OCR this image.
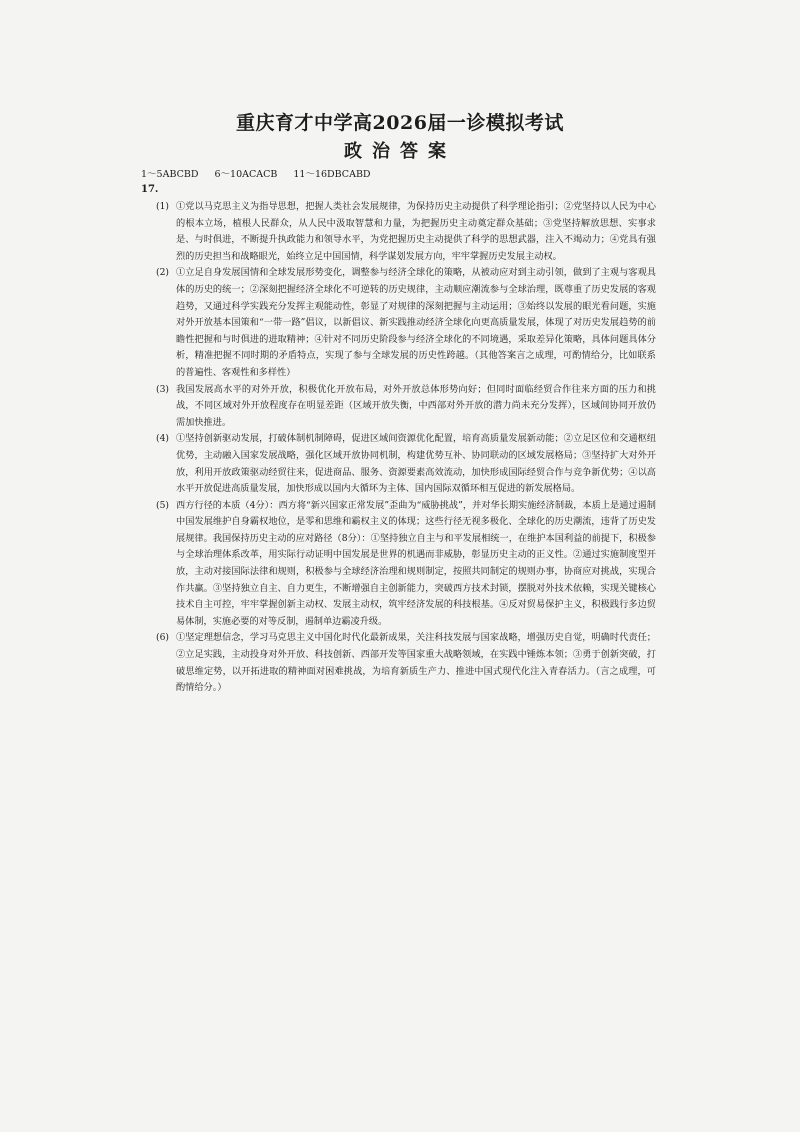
重庆育才中学高2026届一诊模拟考试
政治答案
1～5ABCBD 6～10ACACB 11～16DBCABD
17.
(1) ①党以马克思主义为指导思想，把握人类社会发展规律，为保持历史主动提供了科学理论指引；②党坚持以人民为中心的根本立场，植根人民群众，从人民中汲取智慧和力量，为把握历史主动奠定群众基础；③党坚持解放思想、实事求是、与时俱进，不断提升执政能力和领导水平，为党把握历史主动提供了科学的思想武器，注入不竭动力；④党具有强烈的历史担当和战略眼光，始终立足中国国情，科学谋划发展方向，牢牢掌握历史发展主动权。
(2) ①立足自身发展国情和全球发展形势变化，调整参与经济全球化的策略，从被动应对到主动引领，做到了主观与客观具体的历史的统一；②深刻把握经济全球化不可逆转的历史规律，主动顺应潮流参与全球治理，既尊重了历史发展的客观趋势，又通过科学实践充分发挥主观能动性，彰显了对规律的深刻把握与主动运用；③始终以发展的眼光看问题，实施对外开放基本国策和“一带一路”倡议，以新倡议、新实践推动经济全球化向更高质量发展，体现了对历史发展趋势的前瞻性把握和与时俱进的进取精神；④针对不同历史阶段参与经济全球化的不同境遇，采取差异化策略，具体问题具体分析，精准把握不同时期的矛盾特点，实现了参与全球发展的历史性跨越。（其他答案言之成理，可酌情给分，比如联系的普遍性、客观性和多样性）
(3) 我国发展高水平的对外开放，积极优化开放布局，对外开放总体形势向好；但同时面临经贸合作往来方面的压力和挑战，不同区域对外开放程度存在明显差距（区域开放失衡，中西部对外开放的潜力尚未充分发挥），区域间协同开放仍需加快推进。
(4) ①坚持创新驱动发展，打破体制机制障碍，促进区域间资源优化配置，培育高质量发展新动能；②立足区位和交通枢纽优势，主动融入国家发展战略，强化区域开放协同机制，构建优势互补、协同联动的区域发展格局；③坚持扩大对外开放，利用开放政策驱动经贸往来，促进商品、服务、资源要素高效流动，加快形成国际经贸合作与竞争新优势；④以高水平开放促进高质量发展，加快形成以国内大循环为主体、国内国际双循环相互促进的新发展格局。
(5) 西方行径的本质（4分）：西方将“新兴国家正常发展”歪曲为“威胁挑战”，并对华长期实施经济制裁，本质上是通过遏制中国发展维护自身霸权地位，是零和思维和霸权主义的体现；这些行径无视多极化、全球化的历史潮流，违背了历史发展规律。我国保持历史主动的应对路径（8分）：①坚持独立自主与和平发展相统一，在维护本国利益的前提下，积极参与全球治理体系改革，用实际行动证明中国发展是世界的机遇而非威胁，彰显历史主动的正义性。②通过实施制度型开放，主动对接国际法律和规则，积极参与全球经济治理和规则制定，按照共同制定的规则办事，协商应对挑战，实现合作共赢。③坚持独立自主、自力更生，不断增强自主创新能力，突破西方技术封锁，摆脱对外技术依赖，实现关键核心技术自主可控，牢牢掌握创新主动权、发展主动权，筑牢经济发展的科技根基。④反对贸易保护主义，积极践行多边贸易体制，实施必要的对等反制，遏制单边霸凌升级。
(6) ①坚定理想信念，学习马克思主义中国化时代化最新成果，关注科技发展与国家战略，增强历史自觉，明确时代责任；②立足实践，主动投身对外开放、科技创新、西部开发等国家重大战略领域，在实践中锤炼本领；③勇于创新突破，打破思维定势，以开拓进取的精神面对困难挑战，为培育新质生产力、推进中国式现代化注入青春活力。（言之成理，可酌情给分。）
